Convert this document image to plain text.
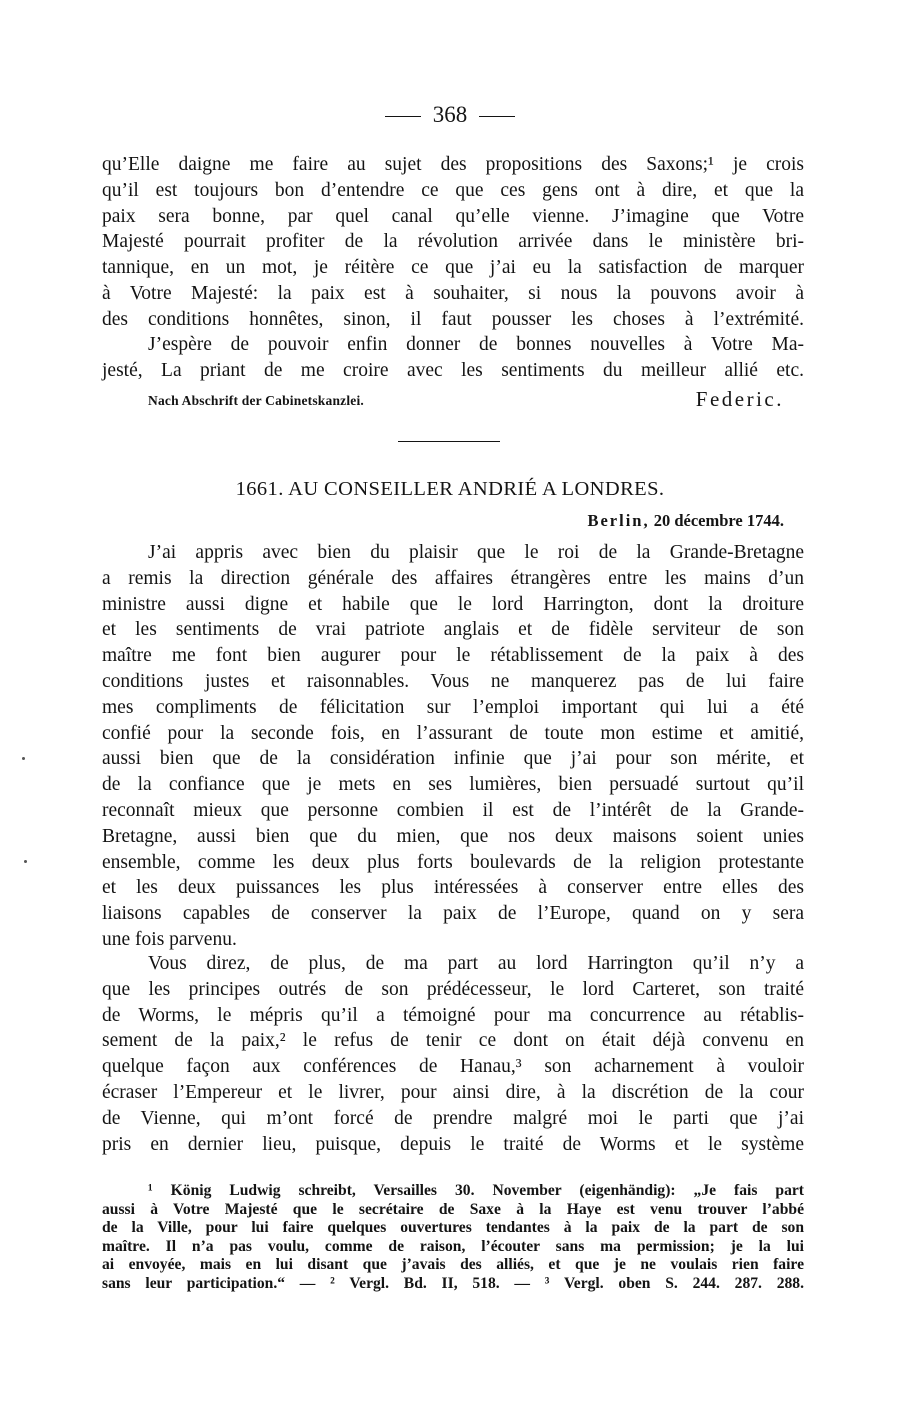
368
qu’Elle daigne me faire au sujet des propositions des Saxons;¹ je crois
qu’il est toujours bon d’entendre ce que ces gens ont à dire, et que la
paix sera bonne, par quel canal qu’elle vienne. J’imagine que Votre
Majesté pourrait profiter de la révolution arrivée dans le ministère bri-
tannique, en un mot, je réitère ce que j’ai eu la satisfaction de marquer
à Votre Majesté: la paix est à souhaiter, si nous la pouvons avoir à
des conditions honnêtes, sinon, il faut pousser les choses à l’extrémité.
J’espère de pouvoir enfin donner de bonnes nouvelles à Votre Ma-
jesté, La priant de me croire avec les sentiments du meilleur allié etc.
Nach Abschrift der Cabinetskanzlei.	Federic.
1661. AU CONSEILLER ANDRIÉ A LONDRES.
Berlin, 20 décembre 1744.
J’ai appris avec bien du plaisir que le roi de la Grande-Bretagne
a remis la direction générale des affaires étrangères entre les mains d’un
ministre aussi digne et habile que le lord Harrington, dont la droiture
et les sentiments de vrai patriote anglais et de fidèle serviteur de son
maître me font bien augurer pour le rétablissement de la paix à des
conditions justes et raisonnables. Vous ne manquerez pas de lui faire
mes compliments de félicitation sur l’emploi important qui lui a été
confié pour la seconde fois, en l’assurant de toute mon estime et amitié,
aussi bien que de la considération infinie que j’ai pour son mérite, et
de la confiance que je mets en ses lumières, bien persuadé surtout qu’il
reconnaît mieux que personne combien il est de l’intérêt de la Grande-
Bretagne, aussi bien que du mien, que nos deux maisons soient unies
ensemble, comme les deux plus forts boulevards de la religion protestante
et les deux puissances les plus intéressées à conserver entre elles des
liaisons capables de conserver la paix de l’Europe, quand on y sera
une fois parvenu.
Vous direz, de plus, de ma part au lord Harrington qu’il n’y a
que les principes outrés de son prédécesseur, le lord Carteret, son traité
de Worms, le mépris qu’il a témoigné pour ma concurrence au rétablis-
sement de la paix,² le refus de tenir ce dont on était déjà convenu en
quelque façon aux conférences de Hanau,³ son acharnement à vouloir
écraser l’Empereur et le livrer, pour ainsi dire, à la discrétion de la cour
de Vienne, qui m’ont forcé de prendre malgré moi le parti que j’ai
pris en dernier lieu, puisque, depuis le traité de Worms et le système
¹ König Ludwig schreibt, Versailles 30. November (eigenhändig): „Je fais part
aussi à Votre Majesté que le secrétaire de Saxe à la Haye est venu trouver l’abbé
de la Ville, pour lui faire quelques ouvertures tendantes à la paix de la part de son
maître. Il n’a pas voulu, comme de raison, l’écouter sans ma permission; je la lui
ai envoyée, mais en lui disant que j’avais des alliés, et que je ne voulais rien faire
sans leur participation.“ — ² Vergl. Bd. II, 518. — ³ Vergl. oben S. 244. 287. 288.
